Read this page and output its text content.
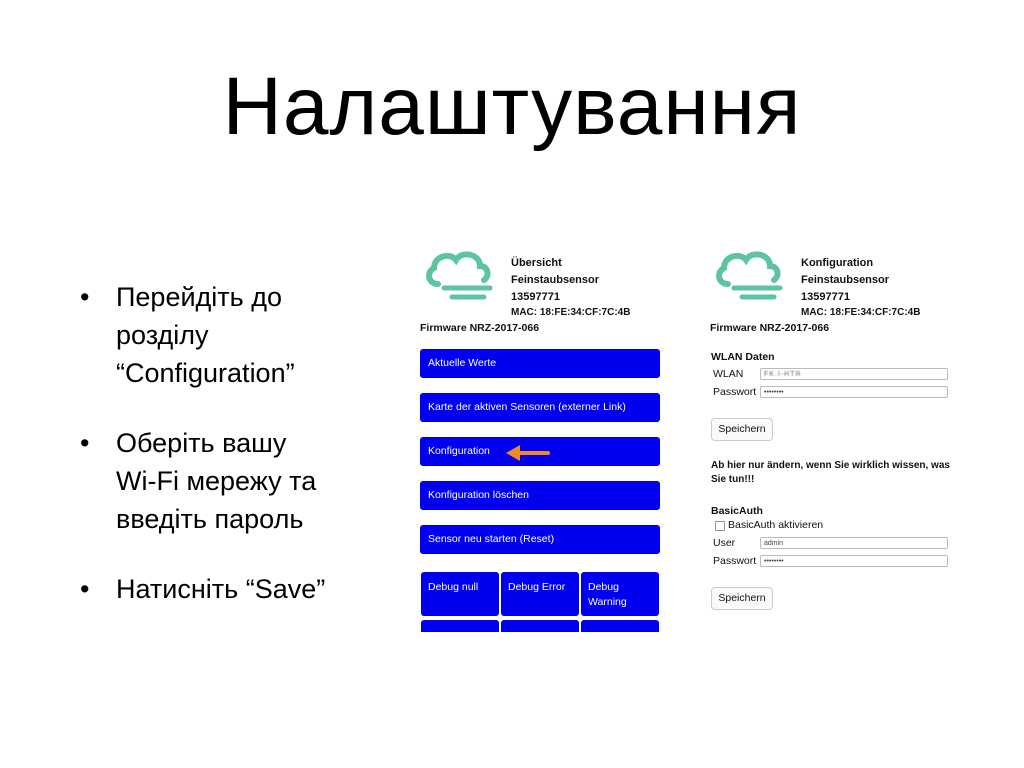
Налаштування
• Перейдіть до
розділу
“Configuration”
• Оберіть вашу
Wi-Fi мережу та
введіть пароль
• Натисніть “Save”
Übersicht
Feinstaubsensor
13597771
MAC: 18:FE:34:CF:7C:4B
Firmware NRZ-2017-066
Aktuelle Werte
Karte der aktiven Sensoren (externer Link)
Konfiguration
Konfiguration löschen
Sensor neu starten (Reset)
Debug null	Debug Error	Debug Warning
Konfiguration
Feinstaubsensor
13597771
MAC: 18:FE:34:CF:7C:4B
Firmware NRZ-2017-066
WLAN Daten
WLAN	FK.I-HTR
Passwort	••••••••
Speichern
Ab hier nur ändern, wenn Sie wirklich wissen, was Sie tun!!!
BasicAuth
BasicAuth aktivieren
User	admin
Passwort	••••••••
Speichern
